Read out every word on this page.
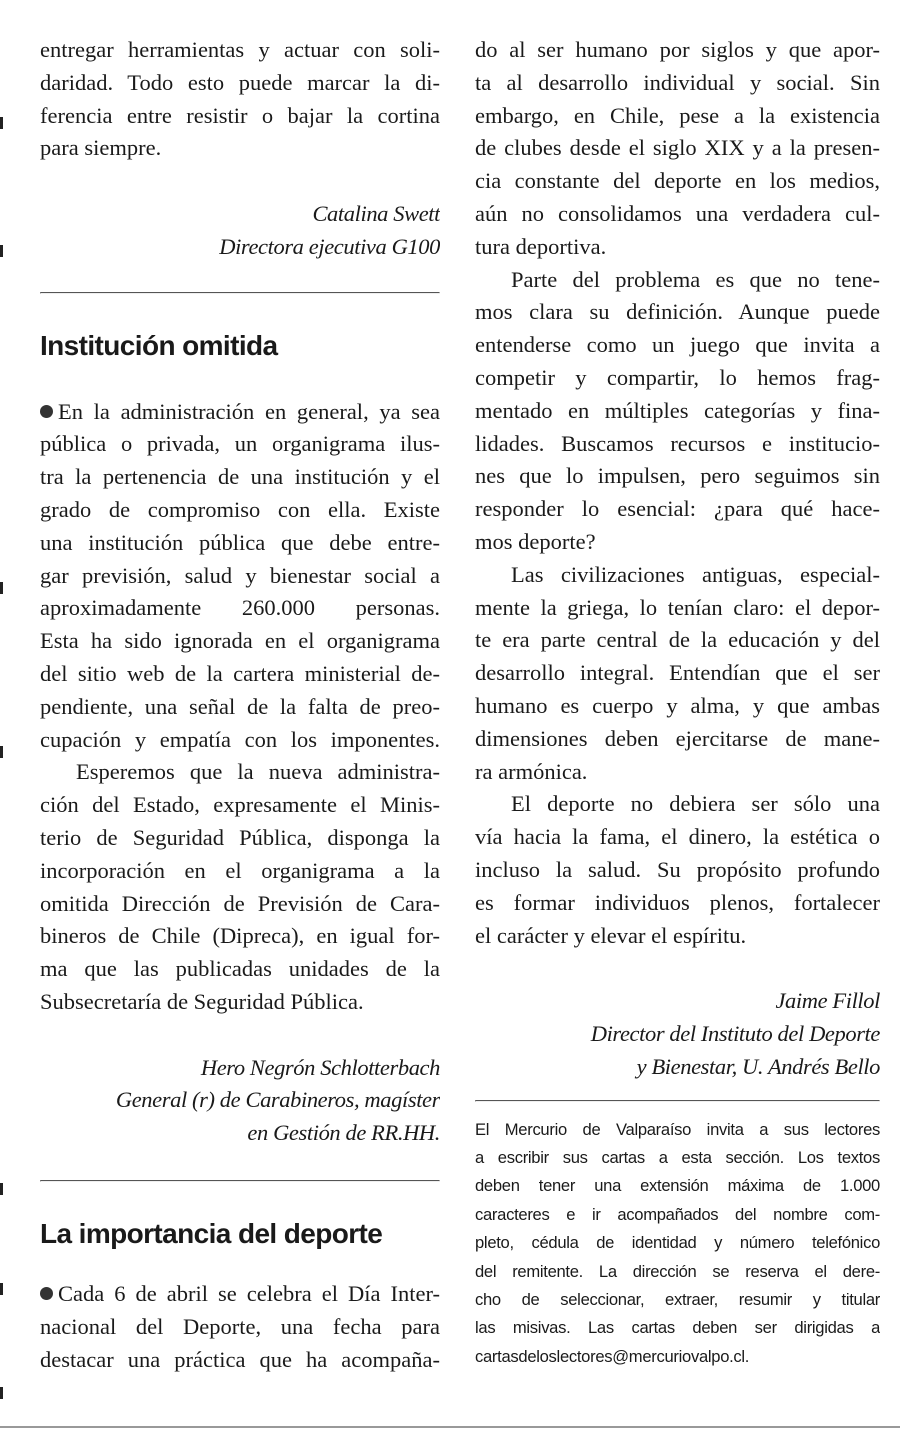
entregar herramientas y actuar con soli-
daridad. Todo esto puede marcar la di-
ferencia entre resistir o bajar la cortina
para siempre.
Catalina Swett
Directora ejecutiva G100
Institución omitida
En la administración en general, ya sea
pública o privada, un organigrama ilus-
tra la pertenencia de una institución y el
grado de compromiso con ella. Existe
una institución pública que debe entre-
gar previsión, salud y bienestar social a
aproximadamente 260.000 personas.
Esta ha sido ignorada en el organigrama
del sitio web de la cartera ministerial de-
pendiente, una señal de la falta de preo-
cupación y empatía con los imponentes.
Esperemos que la nueva administra-
ción del Estado, expresamente el Minis-
terio de Seguridad Pública, disponga la
incorporación en el organigrama a la
omitida Dirección de Previsión de Cara-
bineros de Chile (Dipreca), en igual for-
ma que las publicadas unidades de la
Subsecretaría de Seguridad Pública.
Hero Negrón Schlotterbach
General (r) de Carabineros, magíster
en Gestión de RR.HH.
La importancia del deporte
Cada 6 de abril se celebra el Día Inter-
nacional del Deporte, una fecha para
destacar una práctica que ha acompaña-
do al ser humano por siglos y que apor-
ta al desarrollo individual y social. Sin
embargo, en Chile, pese a la existencia
de clubes desde el siglo XIX y a la presen-
cia constante del deporte en los medios,
aún no consolidamos una verdadera cul-
tura deportiva.
Parte del problema es que no tene-
mos clara su definición. Aunque puede
entenderse como un juego que invita a
competir y compartir, lo hemos frag-
mentado en múltiples categorías y fina-
lidades. Buscamos recursos e institucio-
nes que lo impulsen, pero seguimos sin
responder lo esencial: ¿para qué hace-
mos deporte?
Las civilizaciones antiguas, especial-
mente la griega, lo tenían claro: el depor-
te era parte central de la educación y del
desarrollo integral. Entendían que el ser
humano es cuerpo y alma, y que ambas
dimensiones deben ejercitarse de mane-
ra armónica.
El deporte no debiera ser sólo una
vía hacia la fama, el dinero, la estética o
incluso la salud. Su propósito profundo
es formar individuos plenos, fortalecer
el carácter y elevar el espíritu.
Jaime Fillol
Director del Instituto del Deporte
y Bienestar, U. Andrés Bello
El Mercurio de Valparaíso invita a sus lectores
a escribir sus cartas a esta sección. Los textos
deben tener una extensión máxima de 1.000
caracteres e ir acompañados del nombre com-
pleto, cédula de identidad y número telefónico
del remitente. La dirección se reserva el dere-
cho de seleccionar, extraer, resumir y titular
las misivas. Las cartas deben ser dirigidas a
cartasdeloslectores@mercuriovalpo.cl.
